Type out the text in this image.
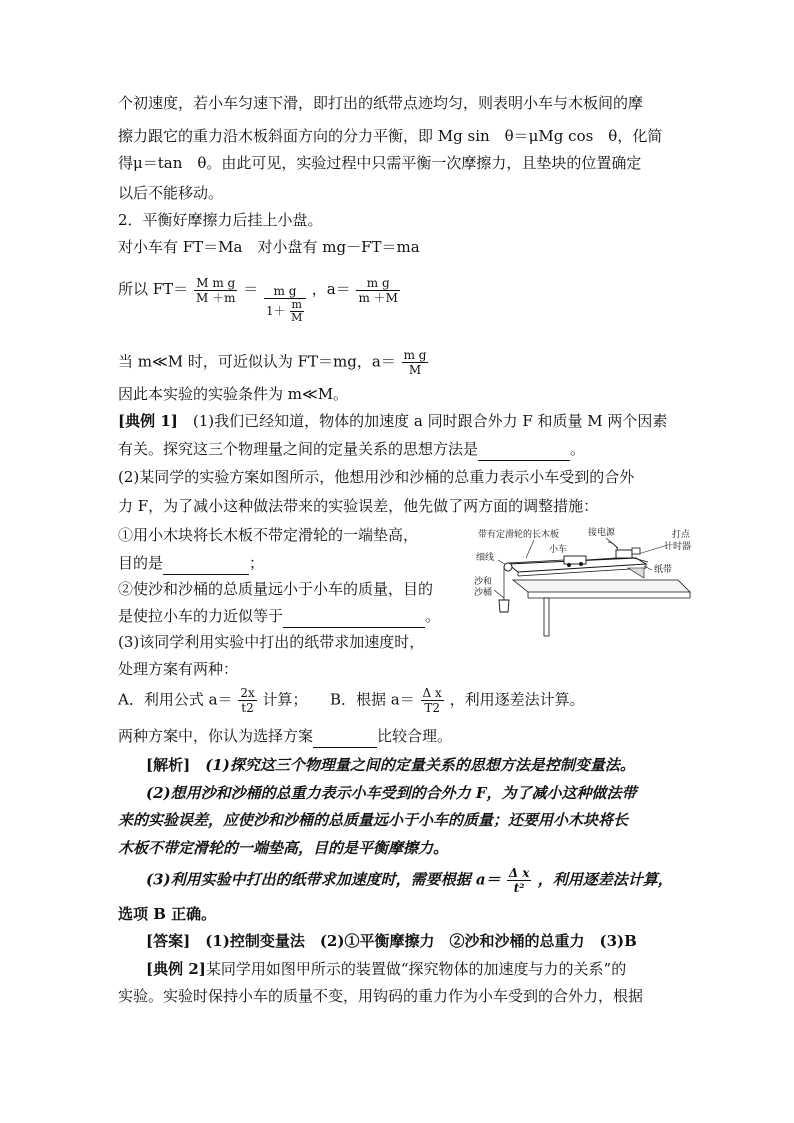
个初速度，若小车匀速下滑，即打出的纸带点迹均匀，则表明小车与木板间的摩
擦力跟它的重力沿木板斜面方向的分力平衡，即 Mg sin　θ＝μMg cos　θ，化简
得μ＝tan　θ。由此可见，实验过程中只需平衡一次摩擦力，且垫块的位置确定
以后不能移动。
2．平衡好摩擦力后挂上小盘。
对小车有 FT＝Ma　对小盘有 mg－FT＝ma
所以 $FT= \frac{\text{M m g}}{M +m} = \frac{\text{m g}}{1+ \frac{m}{M}}$ ，$a= \frac{\text{m g}}{m +M}$
当 m≪M 时，可近似认为 FT＝mg，$a= \frac{\text{m g}}{M}$
因此本实验的实验条件为 m≪M。
[典例 1]　(1)我们已经知道，物体的加速度 a 同时跟合外力 F 和质量 M 两个因素
有关。探究这三个物理量之间的定量关系的思想方法是	。
(2)某同学的实验方案如图所示，他想用沙和沙桶的总重力表示小车受到的合外
力 F，为了减小这种做法带来的实验误差，他先做了两方面的调整措施：
①用小木块将长木板不带定滑轮的一端垫高，
目的是	；
②使沙和沙桶的总质量远小于小车的质量，目的
是使拉小车的力近似等于	。
(3)该同学利用实验中打出的纸带求加速度时，
处理方案有两种：
A．利用公式 $a= \frac{2x}{t2}$ 计算；　　B．根据 $a= \frac{\text{Δ x}}{T2}$ ，利用逐差法计算。
两种方案中，你认为选择方案	比较合理。
[解析]　(1)探究这三个物理量之间的定量关系的思想方法是控制变量法。
(2)想用沙和沙桶的总重力表示小车受到的合外力 F，为了减小这种做法带
来的实验误差，应使沙和沙桶的总质量远小于小车的质量；还要用小木块将长
木板不带定滑轮的一端垫高，目的是平衡摩擦力。
(3)利用实验中打出的纸带求加速度时，需要根据 $a= \frac{\text{Δ x}}{\text{t²}}$ ，利用逐差法计算，
选项 B 正确。
[答案]　(1)控制变量法　(2)①平衡摩擦力　②沙和沙桶的总重力　(3)B
[典例 2]某同学用如图甲所示的装置做“探究物体的加速度与力的关系”的
实验。实验时保持小车的质量不变，用钩码的重力作为小车受到的合外力，根据
带有定滑轮的长木板	接电源	打点
计时器
小车
细线
沙和
沙桶
纸带
